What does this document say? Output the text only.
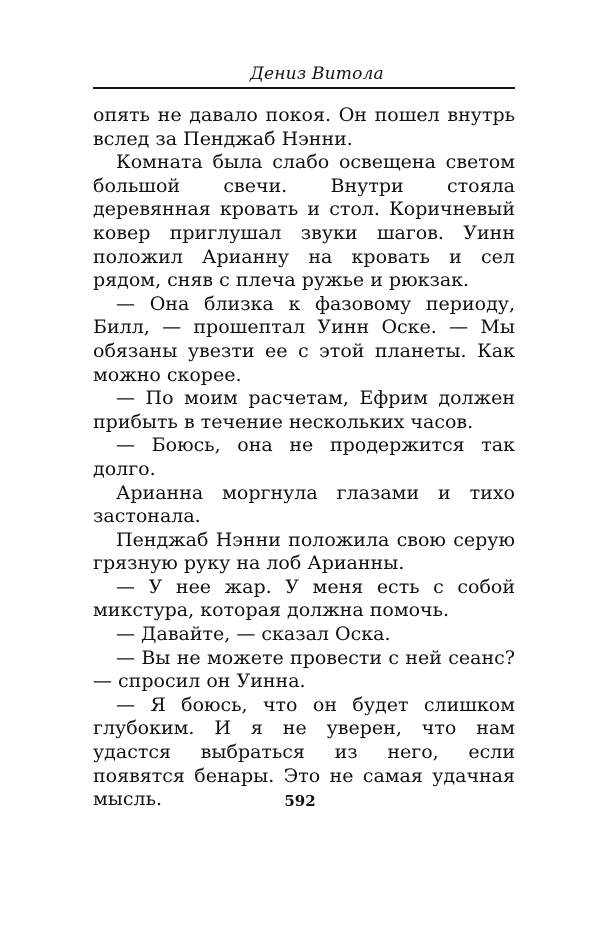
Дениз Витола

опять не давало покоя. Он пошел внутрь вслед за Пенджаб Нэнни.

Комната была слабо освещена светом большой свечи. Внутри стояла деревянная кровать и стол. Коричневый ковер приглушал звуки шагов. Уинн положил Арианну на кровать и сел рядом, сняв с плеча ружье и рюкзак.

— Она близка к фазовому периоду, Билл, — прошептал Уинн Оске. — Мы обязаны увезти ее с этой планеты. Как можно скорее.

— По моим расчетам, Ефрим должен прибыть в течение нескольких часов.

— Боюсь, она не продержится так долго.

Арианна моргнула глазами и тихо застонала.

Пенджаб Нэнни положила свою серую грязную руку на лоб Арианны.

— У нее жар. У меня есть с собой микстура, которая должна помочь.

— Давайте, — сказал Оска.

— Вы не можете провести с ней сеанс? — спросил он Уинна.

— Я боюсь, что он будет слишком глубоким. И я не уверен, что нам удастся выбраться из него, если появятся бенары. Это не самая удачная мысль.	592
